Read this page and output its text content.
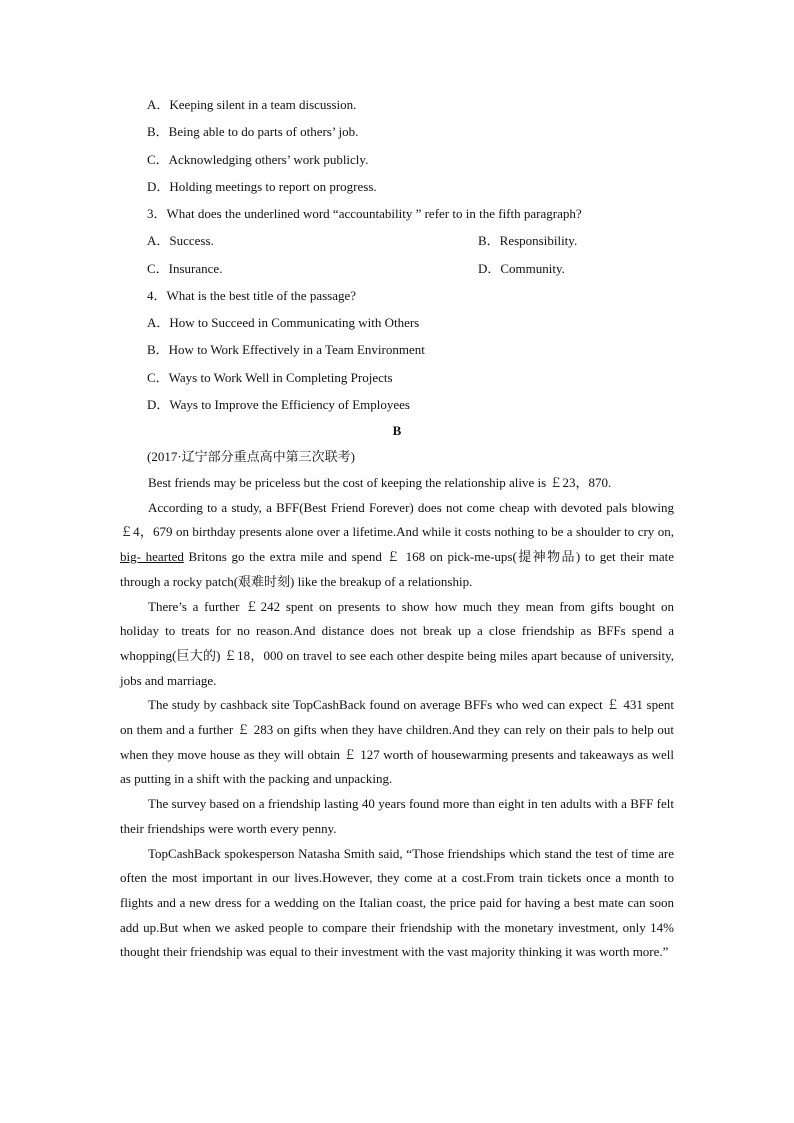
A．Keeping silent in a team discussion.
B．Being able to do parts of others’ job.
C．Acknowledging others’ work publicly.
D．Holding meetings to report on progress.
3．What does the underlined word “accountability ” refer to in the fifth paragraph?
A．Success.	B．Responsibility.
C．Insurance.	D．Community.
4．What is the best title of the passage?
A．How to Succeed in Communicating with Others
B．How to Work Effectively in a Team Environment
C．Ways to Work Well in Completing Projects
D．Ways to Improve the Efficiency of Employees
B
(2017·辽宁部分重点高中第三次联考)

Best friends may be priceless but the cost of keeping the relationship alive is ￡23，870.

According to a study, a BFF(Best Friend Forever) does not come cheap with devoted pals blowing ￡4，679 on birthday presents alone over a lifetime.And while it costs nothing to be a shoulder to cry on, big- hearted Britons go the extra mile and spend ￡ 168 on pick-me-ups(提神物品) to get their mate through a rocky patch(艰难时刻) like the breakup of a relationship.

There’s a further ￡242 spent on presents to show how much they mean from gifts bought on holiday to treats for no reason.And distance does not break up a close friendship as BFFs spend a whopping(巨大的) ￡18，000 on travel to see each other despite being miles apart because of university, jobs and marriage.

The study by cashback site TopCashBack found on average BFFs who wed can expect ￡ 431 spent on them and a further ￡ 283 on gifts when they have children.And they can rely on their pals to help out when they move house as they will obtain ￡ 127 worth of housewarming presents and takeaways as well as putting in a shift with the packing and unpacking.

The survey based on a friendship lasting 40 years found more than eight in ten adults with a BFF felt their friendships were worth every penny.

TopCashBack spokesperson Natasha Smith said, “Those friendships which stand the test of time are often the most important in our lives.However, they come at a cost.From train tickets once a month to flights and a new dress for a wedding on the Italian coast, the price paid for having a best mate can soon add up.But when we asked people to compare their friendship with the monetary investment, only 14% thought their friendship was equal to their investment with the vast majority thinking it was worth more.”
